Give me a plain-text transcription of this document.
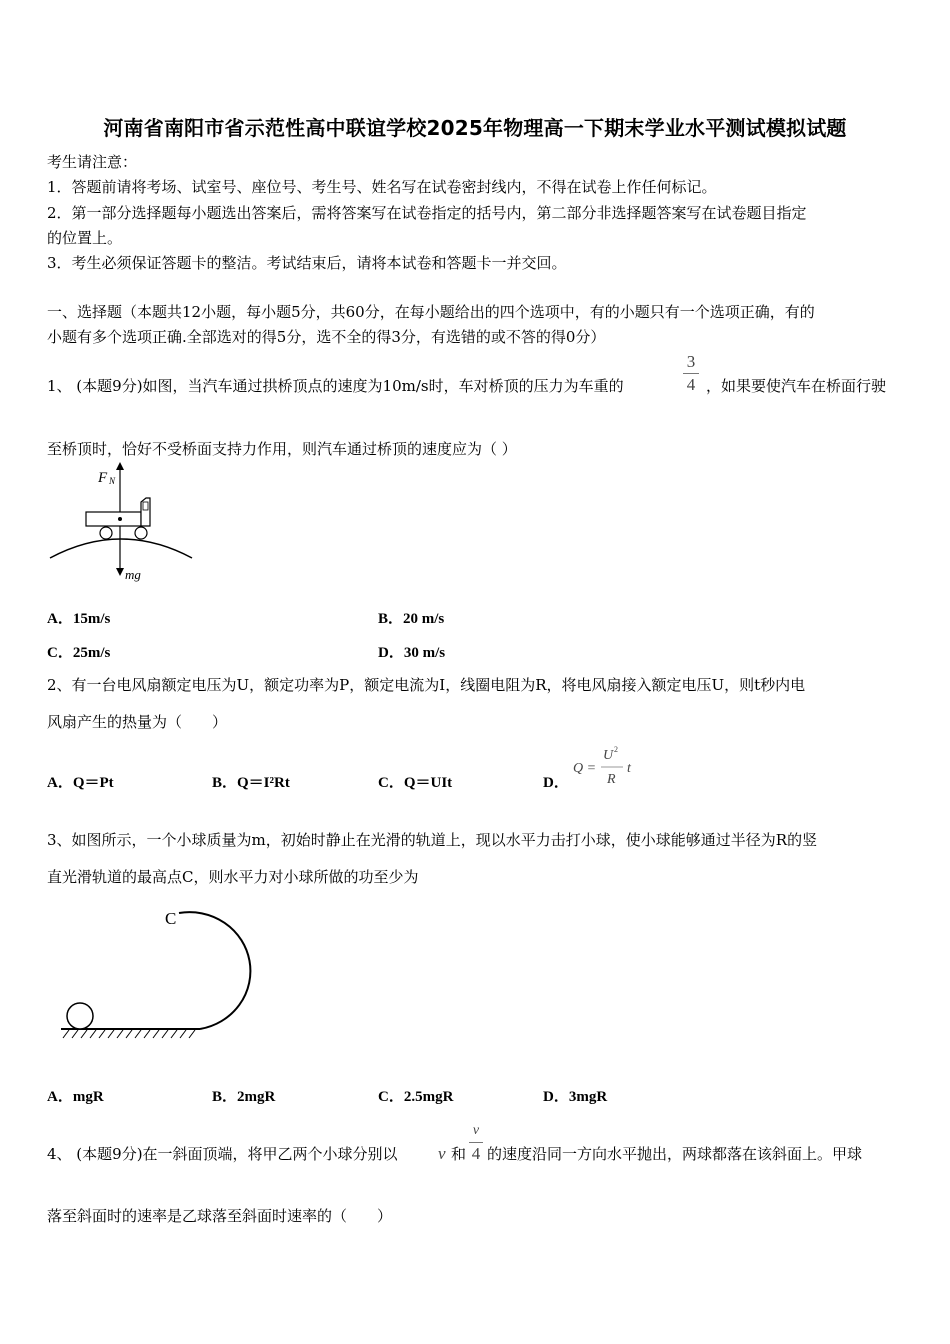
河南省南阳市省示范性高中联谊学校2025年物理高一下期末学业水平测试模拟试题
考生请注意：
1．答题前请将考场、试室号、座位号、考生号、姓名写在试卷密封线内，不得在试卷上作任何标记。
2．第一部分选择题每小题选出答案后，需将答案写在试卷指定的括号内，第二部分非选择题答案写在试卷题目指定
的位置上。
3．考生必须保证答题卡的整洁。考试结束后，请将本试卷和答题卡一并交回。
一、选择题（本题共12小题，每小题5分，共60分，在每小题给出的四个选项中，有的小题只有一个选项正确，有的
小题有多个选项正确.全部选对的得5分，选不全的得3分，有选错的或不答的得0分）
1、 (本题9分)如图，当汽车通过拱桥顶点的速度为10m/s时，车对桥顶的压力为车重的	$\frac{3}{4}$ ，如果要使汽车在桥面行驶
至桥顶时，恰好不受桥面支持力作用，则汽车通过桥顶的速度应为（ ）
F N
mg
A．15m/s	B．20 m/s
C．25m/s	D．30 m/s
2、有一台电风扇额定电压为U，额定功率为P，额定电流为I，线圈电阻为R，将电风扇接入额定电压U，则t秒内电
风扇产生的热量为（　　）
A．Q＝Pt	B．Q＝I²Rt	C．Q＝UIt	D．
Q =
U 2
R
t
3、如图所示，一个小球质量为m，初始时静止在光滑的轨道上，现以水平力击打小球，使小球能够通过半径为R的竖
直光滑轨道的最高点C，则水平力对小球所做的功至少为
C
A．mgR	B．2mgR	C．2.5mgR	D．3mgR
4、 (本题9分)在一斜面顶端，将甲乙两个小球分别以 v 和 $\frac{v}{4}$ 的速度沿同一方向水平抛出，两球都落在该斜面上。甲球
落至斜面时的速率是乙球落至斜面时速率的（　　）
